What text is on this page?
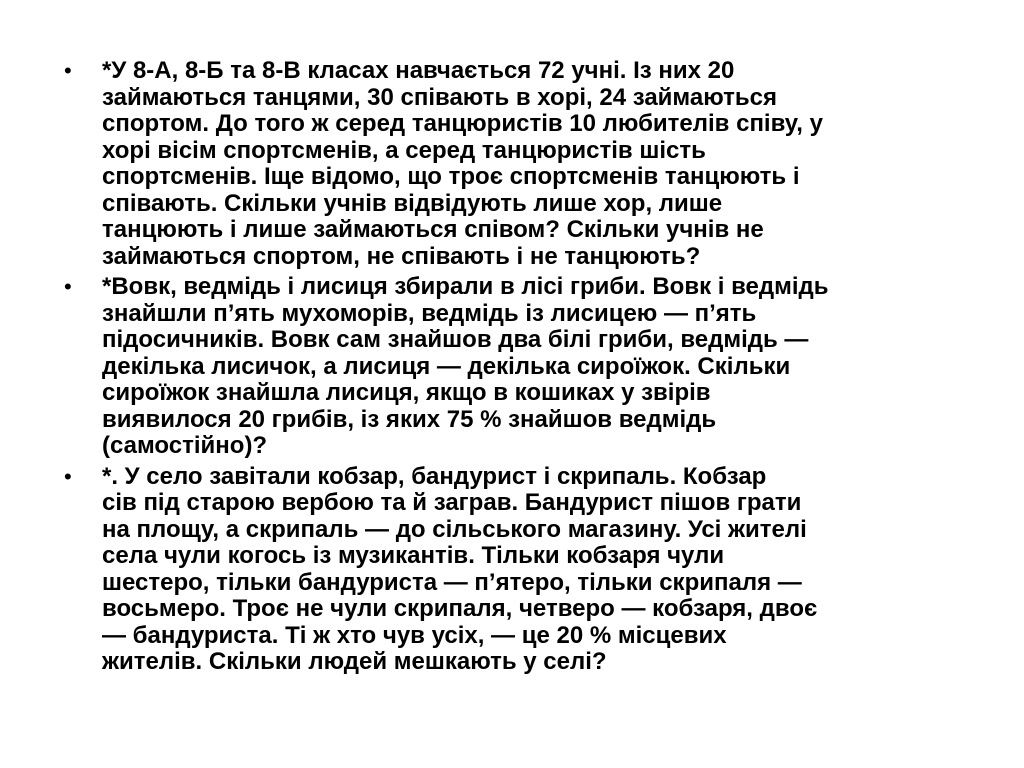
• *У 8-А, 8-Б та 8-В класах навчається 72 учні. Із них 20
займаються танцями, 30 співають в хорі, 24 займаються
спортом. До того ж серед танцюристів 10 любителів співу, у
хорі вісім спортсменів, а серед танцюристів шість
спортсменів. Іще відомо, що троє спортсменів танцюють і
співають. Скільки учнів відвідують лише хор, лише
танцюють і лише займаються співом? Скільки учнів не
займаються спортом, не співають і не танцюють?
• *Вовк, ведмідь і лисиця збирали в лісі гриби. Вовк і ведмідь
знайшли п’ять мухоморів, ведмідь із лисицею — п’ять
підосичників. Вовк сам знайшов два білі гриби, ведмідь —
декілька лисичок, а лисиця — декілька сироїжок. Скільки
сироїжок знайшла лисиця, якщо в кошиках у звірів
виявилося 20 грибів, із яких 75 % знайшов ведмідь
(самостійно)?
• *. У село завітали кобзар, бандурист і скрипаль. Кобзар
сів під старою вербою та й заграв. Бандурист пішов грати
на площу, а скрипаль — до сільського магазину. Усі жителі
села чули когось із музикантів. Тільки кобзаря чули
шестеро, тільки бандуриста — п’ятеро, тільки скрипаля —
восьмеро. Троє не чули скрипаля, четверо — кобзаря, двоє
— бандуриста. Ті ж хто чув усіх, — це 20 % місцевих
жителів. Скільки людей мешкають у селі?
